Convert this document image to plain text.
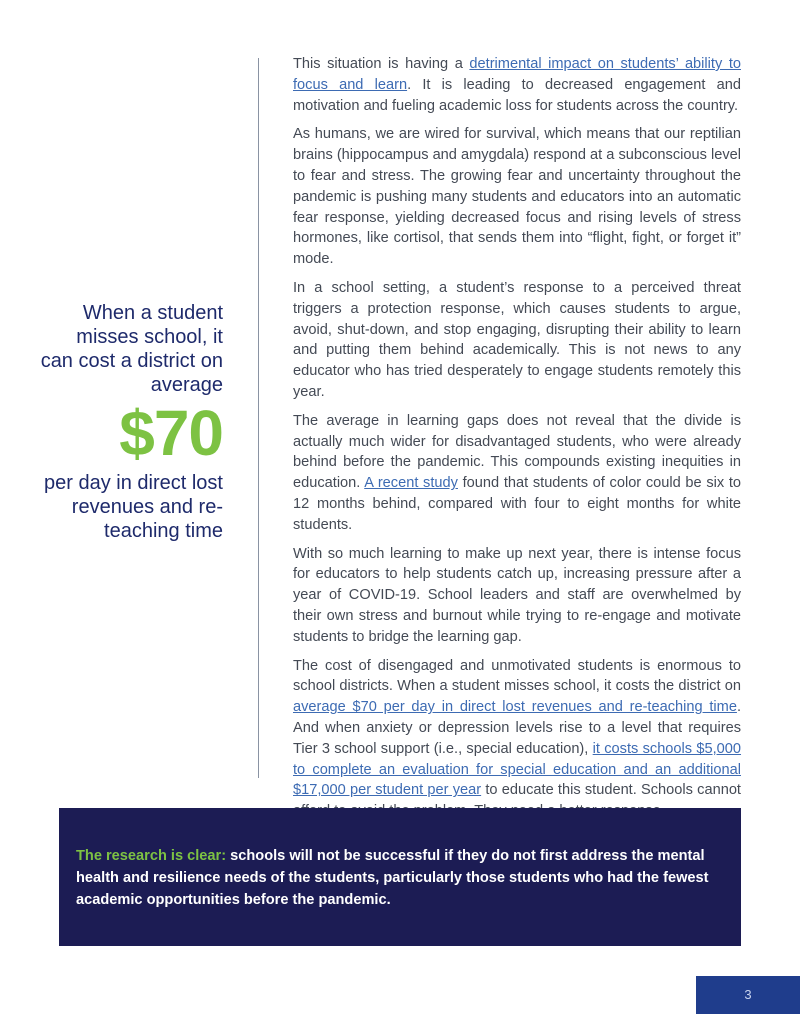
When a student misses school, it can cost a district on average
$70
per day in direct lost revenues and re-teaching time

This situation is having a detrimental impact on students’ ability to focus and learn. It is leading to decreased engagement and motivation and fueling academic loss for students across the country.

As humans, we are wired for survival, which means that our reptilian brains (hippocampus and amygdala) respond at a subconscious level to fear and stress. The growing fear and uncertainty throughout the pandemic is pushing many students and educators into an automatic fear response, yielding decreased focus and rising levels of stress hormones, like cortisol, that sends them into “flight, fight, or forget it” mode.

In a school setting, a student’s response to a perceived threat triggers a protection response, which causes students to argue, avoid, shut-down, and stop engaging, disrupting their ability to learn and putting them behind academically. This is not news to any educator who has tried desperately to engage students remotely this year.

The average in learning gaps does not reveal that the divide is actually much wider for disadvantaged students, who were already behind before the pandemic. This compounds existing inequities in education. A recent study found that students of color could be six to 12 months behind, compared with four to eight months for white students.

With so much learning to make up next year, there is intense focus for educators to help students catch up, increasing pressure after a year of COVID-19. School leaders and staff are overwhelmed by their own stress and burnout while trying to re-engage and motivate students to bridge the learning gap.

The cost of disengaged and unmotivated students is enormous to school districts. When a student misses school, it costs the district on average $70 per day in direct lost revenues and re-teaching time. And when anxiety or depression levels rise to a level that requires Tier 3 school support (i.e., special education), it costs schools $5,000 to complete an evaluation for special education and an additional $17,000 per student per year to educate this student. Schools cannot

The research is clear: schools will not be successful if they do not first address the mental health and resilience needs of the students, particularly those students who had the fewest academic opportunities before the pandemic.
3
